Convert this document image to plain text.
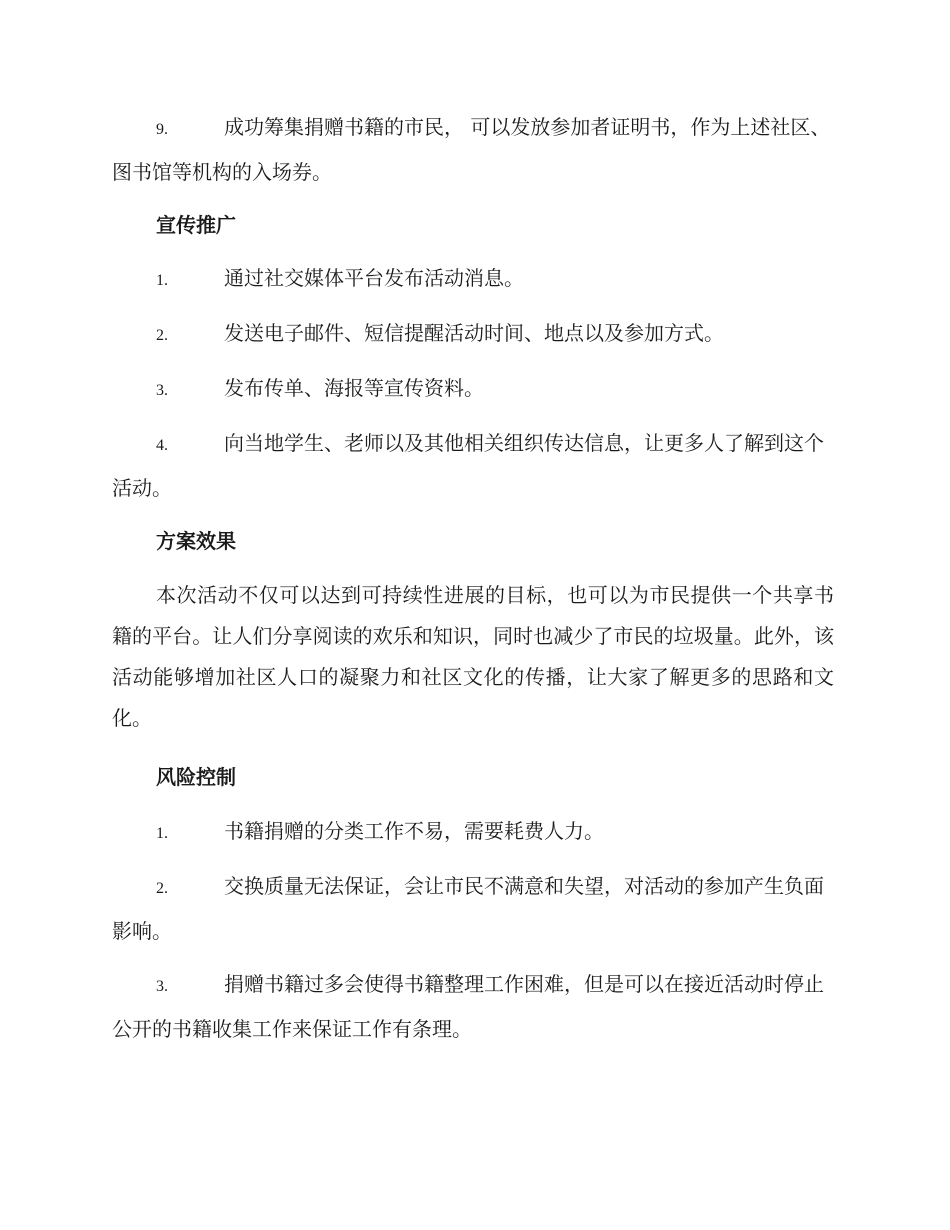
9.	成功筹集捐赠书籍的市民， 可以发放参加者证明书，作为上述社区、图书馆等机构的入场券。
宣传推广
1.	通过社交媒体平台发布活动消息。
2.	发送电子邮件、短信提醒活动时间、地点以及参加方式。
3.	发布传单、海报等宣传资料。
4.	向当地学生、老师以及其他相关组织传达信息，让更多人了解到这个活动。
方案效果
本次活动不仅可以达到可持续性进展的目标，也可以为市民提供一个共享书籍的平台。让人们分享阅读的欢乐和知识，同时也减少了市民的垃圾量。此外，该活动能够增加社区人口的凝聚力和社区文化的传播，让大家了解更多的思路和文化。
风险控制
1.	书籍捐赠的分类工作不易，需要耗费人力。
2.	交换质量无法保证，会让市民不满意和失望，对活动的参加产生负面影响。
3.	捐赠书籍过多会使得书籍整理工作困难，但是可以在接近活动时停止公开的书籍收集工作来保证工作有条理。
